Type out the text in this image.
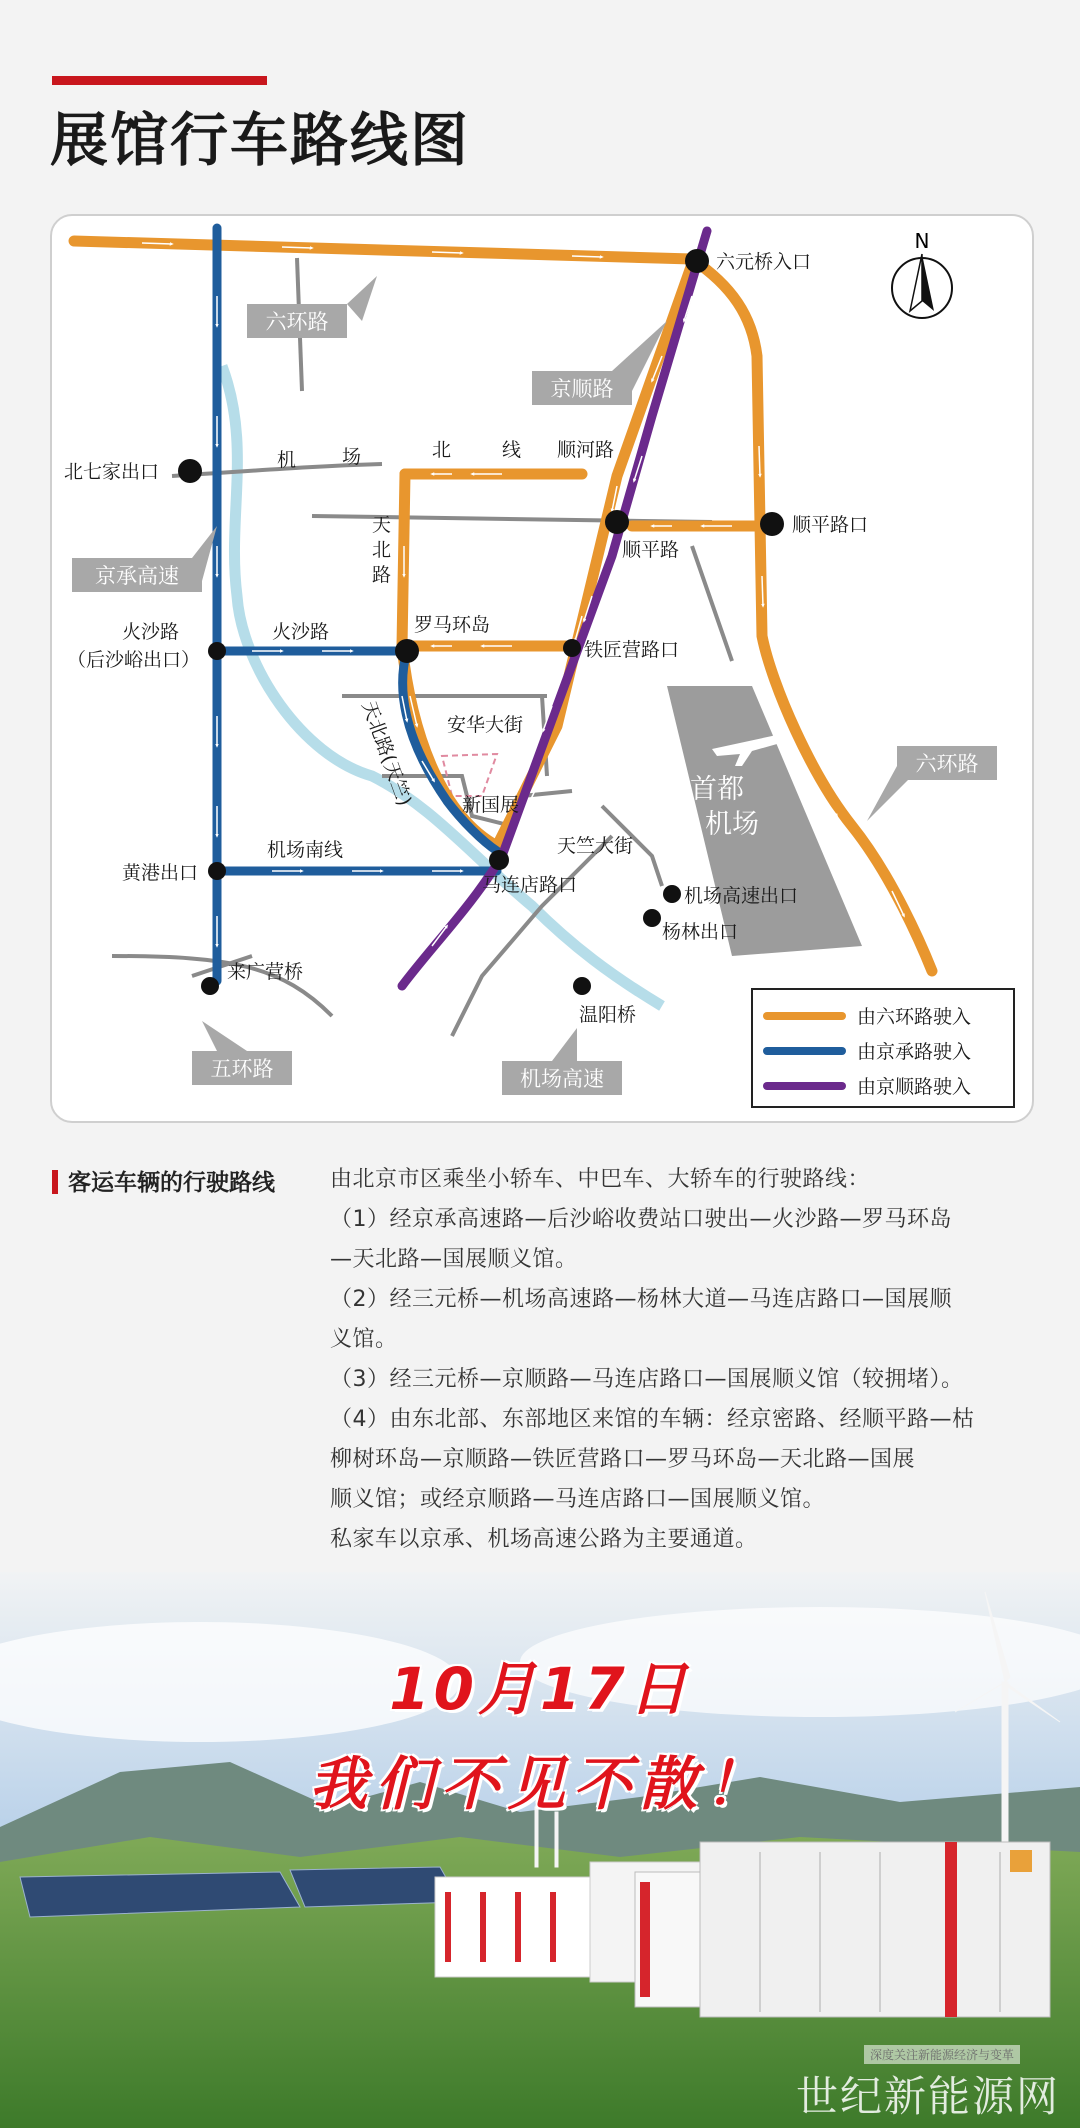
展馆行车路线图
首都
机场
N
六环路
京顺路
京承高速
六环路
五环路	机场高速
六元桥入口
北七家出口
顺平路口
顺平路
顺河路
机 场	北	线
天
北
路
火沙路
（后沙峪出口）
火沙路	罗马环岛
铁匠营路口
安华大街
新国展
天北路(天竺)
黄港出口
机场南线	天竺大街
马连店路口	机场高速出口
杨林出口
来广营桥
温阳桥	由六环路驶入
由京承路驶入
由京顺路驶入
客运车辆的行驶路线	由北京市区乘坐小轿车、中巴车、大轿车的行驶路线：

（1）经京承高速路—后沙峪收费站口驶出—火沙路—罗马环岛

—天北路—国展顺义馆。

（2）经三元桥—机场高速路—杨林大道—马连店路口—国展顺

义馆。

（3）经三元桥—京顺路—马连店路口—国展顺义馆（较拥堵）。

（4）由东北部、东部地区来馆的车辆：经京密路、经顺平路—枯

柳树环岛—京顺路—铁匠营路口—罗马环岛—天北路—国展

顺义馆；或经京顺路—马连店路口—国展顺义馆。

私家车以京承、机场高速公路为主要通道。

10月17日

我们不见不散！

深度关注新能源经济与变革
世纪新能源网
